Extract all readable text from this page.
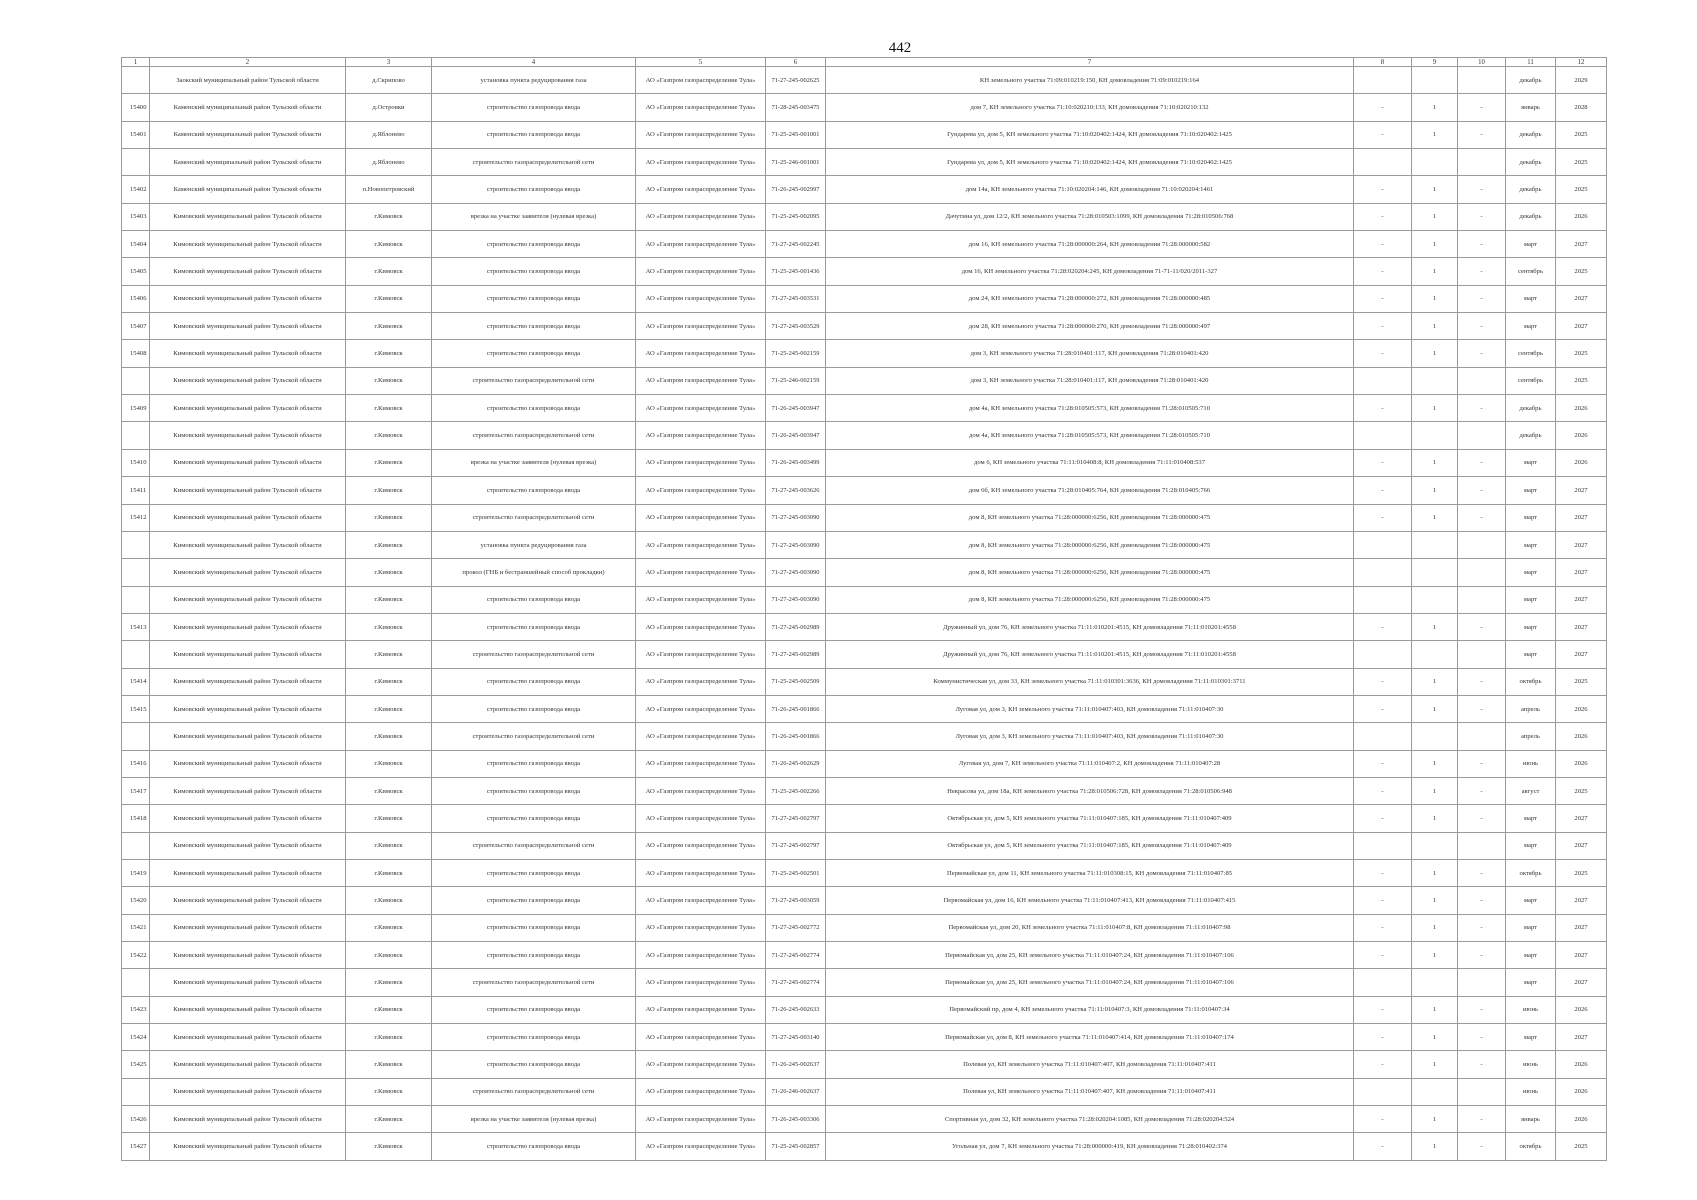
442
1	2	3	4	5	6	7	8	9	10	11	12
	Заокский муниципальный район Тульской области	д.Скрипово	установка пункта редуцирования газа	АО «Газпром газораспределение Тула»	71-27-245-002625	КН земельного участка 71:09:010219:150, КН домовладения 71:09:010219:164				декабрь	2029
15400	Каменский муниципальный район Тульской области	д.Островки	строительство газопровода ввода	АО «Газпром газораспределение Тула»	71-28-245-003475	дом 7, КН земельного участка 71:10:020210:133, КН домовладения 71:10:020210:132	-	1	-	январь	2028
15401	Каменский муниципальный район Тульской области	д.Яблонево	строительство газопровода ввода	АО «Газпром газораспределение Тула»	71-25-245-001001	Гундарева ул, дом 5, КН земельного участка 71:10:020402:1424, КН домовладения 71:10:020402:1425	-	1	-	декабрь	2025
	Каменский муниципальный район Тульской области	д.Яблонево	строительство газораспределительной сети	АО «Газпром газораспределение Тула»	71-25-246-001001	Гундарева ул, дом 5, КН земельного участка 71:10:020402:1424, КН домовладения 71:10:020402:1425				декабрь	2025
15402	Каменский муниципальный район Тульской области	п.Новопетровский	строительство газопровода ввода	АО «Газпром газораспределение Тула»	71-26-245-002997	дом 14а, КН земельного участка 71:10:020204:146, КН домовладения 71:10:020204:1461	-	1	-	декабрь	2025
15403	Кимовский муниципальный район Тульской области	г.Кимовск	врезка на участке заявителя (нулевая врезка)	АО «Газпром газораспределение Тула»	71-25-245-002095	Дачутина ул, дом 12/2, КН земельного участка 71:28:010503:1099, КН домовладения 71:28:010506:768	-	1	-	декабрь	2026
15404	Кимовский муниципальный район Тульской области	г.Кимовск	строительство газопровода ввода	АО «Газпром газораспределение Тула»	71-27-245-002245	дом 16, КН земельного участка 71:28:000000:264, КН домовладения 71:28:000000:582	-	1	-	март	2027
15405	Кимовский муниципальный район Тульской области	г.Кимовск	строительство газопровода ввода	АО «Газпром газораспределение Тула»	71-25-245-001436	дом 16, КН земельного участка 71:28:020204:245, КН домовладения 71-71-11/020/2011-327	-	1	-	сентябрь	2025
15406	Кимовский муниципальный район Тульской области	г.Кимовск	строительство газопровода ввода	АО «Газпром газораспределение Тула»	71-27-245-003531	дом 24, КН земельного участка 71:28:000000:272, КН домовладения 71:28:000000:485	-	1	-	март	2027
15407	Кимовский муниципальный район Тульской области	г.Кимовск	строительство газопровода ввода	АО «Газпром газораспределение Тула»	71-27-245-003529	дом 28, КН земельного участка 71:28:000000:270, КН домовладения 71:28:000000:497	-	1	-	март	2027
15408	Кимовский муниципальный район Тульской области	г.Кимовск	строительство газопровода ввода	АО «Газпром газораспределение Тула»	71-25-245-002159	дом 3, КН земельного участка 71:28:010401:117, КН домовладения 71:28:010401:420	-	1	-	сентябрь	2025
	Кимовский муниципальный район Тульской области	г.Кимовск	строительство газораспределительной сети	АО «Газпром газораспределение Тула»	71-25-246-002159	дом 3, КН земельного участка 71:28:010401:117, КН домовладения 71:28:010401:420				сентябрь	2025
15409	Кимовский муниципальный район Тульской области	г.Кимовск	строительство газопровода ввода	АО «Газпром газораспределение Тула»	71-26-245-003947	дом 4а, КН земельного участка 71:28:010505:573, КН домовладения 71:28:010505:710	-	1	-	декабрь	2026
	Кимовский муниципальный район Тульской области	г.Кимовск	строительство газораспределительной сети	АО «Газпром газораспределение Тула»	71-26-245-003947	дом 4а, КН земельного участка 71:28:010505:573, КН домовладения 71:28:010505:710				декабрь	2026
15410	Кимовский муниципальный район Тульской области	г.Кимовск	врезка на участке заявителя (нулевая врезка)	АО «Газпром газораспределение Тула»	71-26-245-003499	дом 6, КН земельного участка 71:11:010408:8, КН домовладения 71:11:010408:537	-	1	-	март	2026
15411	Кимовский муниципальный район Тульской области	г.Кимовск	строительство газопровода ввода	АО «Газпром газораспределение Тула»	71-27-245-003626	дом 6б, КН земельного участка 71:28:010405:764, КН домовладения 71:28:010405:766	-	1	-	март	2027
15412	Кимовский муниципальный район Тульской области	г.Кимовск	строительство газораспределительной сети	АО «Газпром газораспределение Тула»	71-27-245-003090	дом 8, КН земельного участка 71:28:000000:6256, КН домовладения 71:28:000000:475	-	1	-	март	2027
	Кимовский муниципальный район Тульской области	г.Кимовск	установка пункта редуцирования газа	АО «Газпром газораспределение Тула»	71-27-245-003090	дом 8, КН земельного участка 71:28:000000:6256, КН домовладения 71:28:000000:475				март	2027
	Кимовский муниципальный район Тульской области	г.Кимовск	прокол (ГНБ и бестраншейный способ прокладки)	АО «Газпром газораспределение Тула»	71-27-245-003090	дом 8, КН земельного участка 71:28:000000:6256, КН домовладения 71:28:000000:475				март	2027
	Кимовский муниципальный район Тульской области	г.Кимовск	строительство газопровода ввода	АО «Газпром газораспределение Тула»	71-27-245-003090	дом 8, КН земельного участка 71:28:000000:6256, КН домовладения 71:28:000000:475				март	2027
15413	Кимовский муниципальный район Тульской области	г.Кимовск	строительство газопровода ввода	АО «Газпром газораспределение Тула»	71-27-245-002989	Дружинный ул, дом 76, КН земельного участка 71:11:010201:4515, КН домовладения 71:11:010201:4558	-	1	-	март	2027
	Кимовский муниципальный район Тульской области	г.Кимовск	строительство газораспределительной сети	АО «Газпром газораспределение Тула»	71-27-245-002989	Дружинный ул, дом 76, КН земельного участка 71:11:010201:4515, КН домовладения 71:11:010201:4558				март	2027
15414	Кимовский муниципальный район Тульской области	г.Кимовск	строительство газопровода ввода	АО «Газпром газораспределение Тула»	71-25-245-002509	Коммунистическая ул, дом 33, КН земельного участка 71:11:010301:3636, КН домовладения 71:11:010301:3711	-	1	-	октябрь	2025
15415	Кимовский муниципальный район Тульской области	г.Кимовск	строительство газопровода ввода	АО «Газпром газораспределение Тула»	71-26-245-001866	Луговая ул, дом 3, КН земельного участка 71:11:010407:403, КН домовладения 71:11:010407:30	-	1	-	апрель	2026
	Кимовский муниципальный район Тульской области	г.Кимовск	строительство газораспределительной сети	АО «Газпром газораспределение Тула»	71-26-245-001866	Луговая ул, дом 3, КН земельного участка 71:11:010407:403, КН домовладения 71:11:010407:30				апрель	2026
15416	Кимовский муниципальный район Тульской области	г.Кимовск	строительство газопровода ввода	АО «Газпром газораспределение Тула»	71-26-245-002629	Луговая ул, дом 7, КН земельного участка 71:11:010407:2, КН домовладения 71:11:010407:28	-	1	-	июнь	2026
15417	Кимовский муниципальный район Тульской области	г.Кимовск	строительство газопровода ввода	АО «Газпром газораспределение Тула»	71-25-245-002266	Некрасова ул, дом 18а, КН земельного участка 71:28:010506:728, КН домовладения 71:28:010506:948	-	1	-	август	2025
15418	Кимовский муниципальный район Тульской области	г.Кимовск	строительство газопровода ввода	АО «Газпром газораспределение Тула»	71-27-245-002797	Октябрьская ул, дом 5, КН земельного участка 71:11:010407:185, КН домовладения 71:11:010407:409	-	1	-	март	2027
	Кимовский муниципальный район Тульской области	г.Кимовск	строительство газораспределительной сети	АО «Газпром газораспределение Тула»	71-27-245-002797	Октябрьская ул, дом 5, КН земельного участка 71:11:010407:185, КН домовладения 71:11:010407:409				март	2027
15419	Кимовский муниципальный район Тульской области	г.Кимовск	строительство газопровода ввода	АО «Газпром газораспределение Тула»	71-25-245-002501	Первомайская ул, дом 11, КН земельного участка 71:11:010308:15, КН домовладения 71:11:010407:85	-	1	-	октябрь	2025
15420	Кимовский муниципальный район Тульской области	г.Кимовск	строительство газопровода ввода	АО «Газпром газораспределение Тула»	71-27-245-003059	Первомайская ул, дом 16, КН земельного участка 71:11:010407:413, КН домовладения 71:11:010407:415	-	1	-	март	2027
15421	Кимовский муниципальный район Тульской области	г.Кимовск	строительство газопровода ввода	АО «Газпром газораспределение Тула»	71-27-245-002772	Первомайская ул, дом 20, КН земельного участка 71:11:010407:8, КН домовладения 71:11:010407:98	-	1	-	март	2027
15422	Кимовский муниципальный район Тульской области	г.Кимовск	строительство газопровода ввода	АО «Газпром газораспределение Тула»	71-27-245-002774	Первомайская ул, дом 25, КН земельного участка 71:11:010407:24, КН домовладения 71:11:010407:106	-	1	-	март	2027
	Кимовский муниципальный район Тульской области	г.Кимовск	строительство газораспределительной сети	АО «Газпром газораспределение Тула»	71-27-245-002774	Первомайская ул, дом 25, КН земельного участка 71:11:010407:24, КН домовладения 71:11:010407:106				март	2027
15423	Кимовский муниципальный район Тульской области	г.Кимовск	строительство газопровода ввода	АО «Газпром газораспределение Тула»	71-26-245-002633	Первомайский пр, дом 4, КН земельного участка 71:11:010407:3, КН домовладения 71:11:010407:34	-	1	-	июнь	2026
15424	Кимовский муниципальный район Тульской области	г.Кимовск	строительство газопровода ввода	АО «Газпром газораспределение Тула»	71-27-245-003140	Первомайская ул, дом 8, КН земельного участка 71:11:010407:414, КН домовладения 71:11:010407:174	-	1	-	март	2027
15425	Кимовский муниципальный район Тульской области	г.Кимовск	строительство газопровода ввода	АО «Газпром газораспределение Тула»	71-26-245-002637	Полевая ул, КН земельного участка 71:11:010407:407, КН домовладения 71:11:010407:411	-	1	-	июнь	2026
	Кимовский муниципальный район Тульской области	г.Кимовск	строительство газораспределительной сети	АО «Газпром газораспределение Тула»	71-26-246-002637	Полевая ул, КН земельного участка 71:11:010407:407, КН домовладения 71:11:010407:411				июнь	2026
15426	Кимовский муниципальный район Тульской области	г.Кимовск	врезка на участке заявителя (нулевая врезка)	АО «Газпром газораспределение Тула»	71-26-245-003306	Спортивная ул, дом 32, КН земельного участка 71:28:020204:1085, КН домовладения 71:28:020204:524	-	1	-	январь	2026
15427	Кимовский муниципальный район Тульской области	г.Кимовск	строительство газопровода ввода	АО «Газпром газораспределение Тула»	71-25-245-002857	Угольная ул, дом 7, КН земельного участка 71:28:000000:419, КН домовладения 71:28:010402:374	-	1	-	октябрь	2025
